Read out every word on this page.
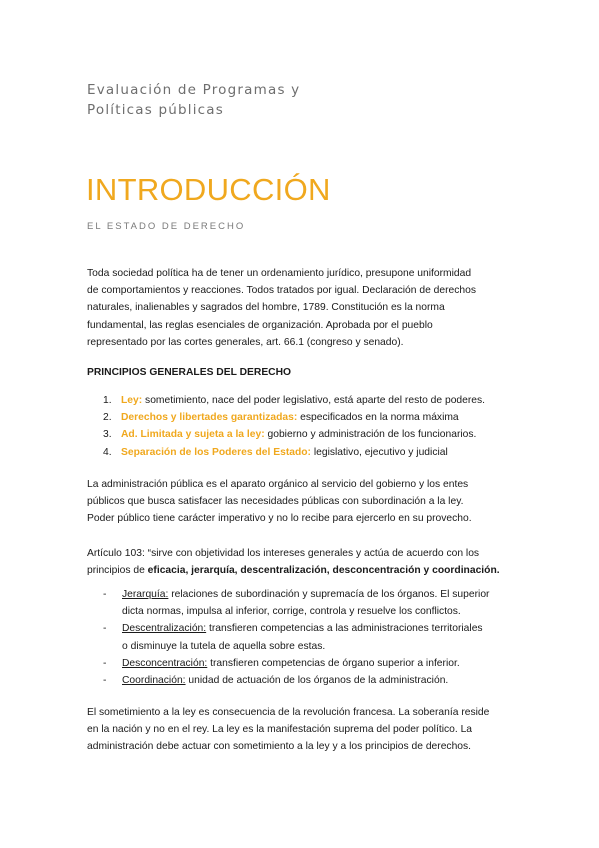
Evaluación de Programas y
Políticas públicas
INTRODUCCIÓN
EL ESTADO DE DERECHO
Toda sociedad política ha de tener un ordenamiento jurídico, presupone uniformidad
de comportamientos y reacciones. Todos tratados por igual. Declaración de derechos
naturales, inalienables y sagrados del hombre, 1789. Constitución es la norma
fundamental, las reglas esenciales de organización. Aprobada por el pueblo
representado por las cortes generales, art. 66.1 (congreso y senado).
PRINCIPIOS GENERALES DEL DERECHO
1. Ley: sometimiento, nace del poder legislativo, está aparte del resto de poderes.
2. Derechos y libertades garantizadas: especificados en la norma máxima
3. Ad. Limitada y sujeta a la ley: gobierno y administración de los funcionarios.
4. Separación de los Poderes del Estado: legislativo, ejecutivo y judicial
La administración pública es el aparato orgánico al servicio del gobierno y los entes
públicos que busca satisfacer las necesidades públicas con subordinación a la ley.
Poder público tiene carácter imperativo y no lo recibe para ejercerlo en su provecho.
Artículo 103: “sirve con objetividad los intereses generales y actúa de acuerdo con los
principios de eficacia, jerarquía, descentralización, desconcentración y coordinación.
- Jerarquía: relaciones de subordinación y supremacía de los órganos. El superior
dicta normas, impulsa al inferior, corrige, controla y resuelve los conflictos.
- Descentralización: transfieren competencias a las administraciones territoriales
o disminuye la tutela de aquella sobre estas.
- Desconcentración: transfieren competencias de órgano superior a inferior.
- Coordinación: unidad de actuación de los órganos de la administración.
El sometimiento a la ley es consecuencia de la revolución francesa. La soberanía reside
en la nación y no en el rey. La ley es la manifestación suprema del poder político. La
administración debe actuar con sometimiento a la ley y a los principios de derechos.
